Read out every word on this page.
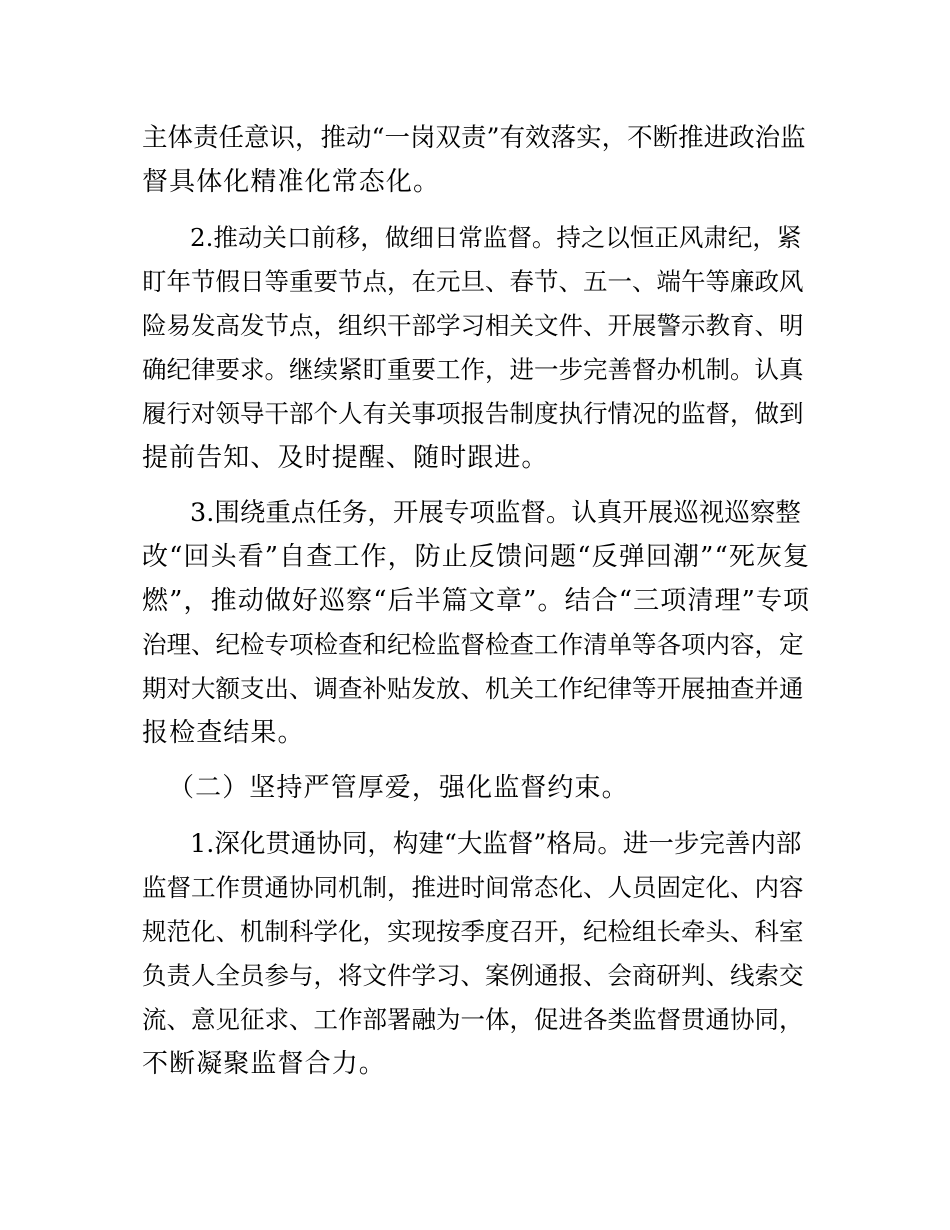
主体责任意识，推动“一岗双责”有效落实，不断推进政治监
督具体化精准化常态化。
2.推动关口前移，做细日常监督。持之以恒正风肃纪，紧
盯年节假日等重要节点，在元旦、春节、五一、端午等廉政风
险易发高发节点，组织干部学习相关文件、开展警示教育、明
确纪律要求。继续紧盯重要工作，进一步完善督办机制。认真
履行对领导干部个人有关事项报告制度执行情况的监督，做到
提前告知、及时提醒、随时跟进。
3.围绕重点任务，开展专项监督。认真开展巡视巡察整
改“回头看”自查工作，防止反馈问题“反弹回潮”“死灰复
燃”，推动做好巡察“后半篇文章”。结合“三项清理”专项
治理、纪检专项检查和纪检监督检查工作清单等各项内容，定
期对大额支出、调查补贴发放、机关工作纪律等开展抽查并通
报检查结果。
（二）坚持严管厚爱，强化监督约束。
1.深化贯通协同，构建“大监督”格局。进一步完善内部
监督工作贯通协同机制，推进时间常态化、人员固定化、内容
规范化、机制科学化，实现按季度召开，纪检组长牵头、科室
负责人全员参与，将文件学习、案例通报、会商研判、线索交
流、意见征求、工作部署融为一体，促进各类监督贯通协同，
不断凝聚监督合力。
